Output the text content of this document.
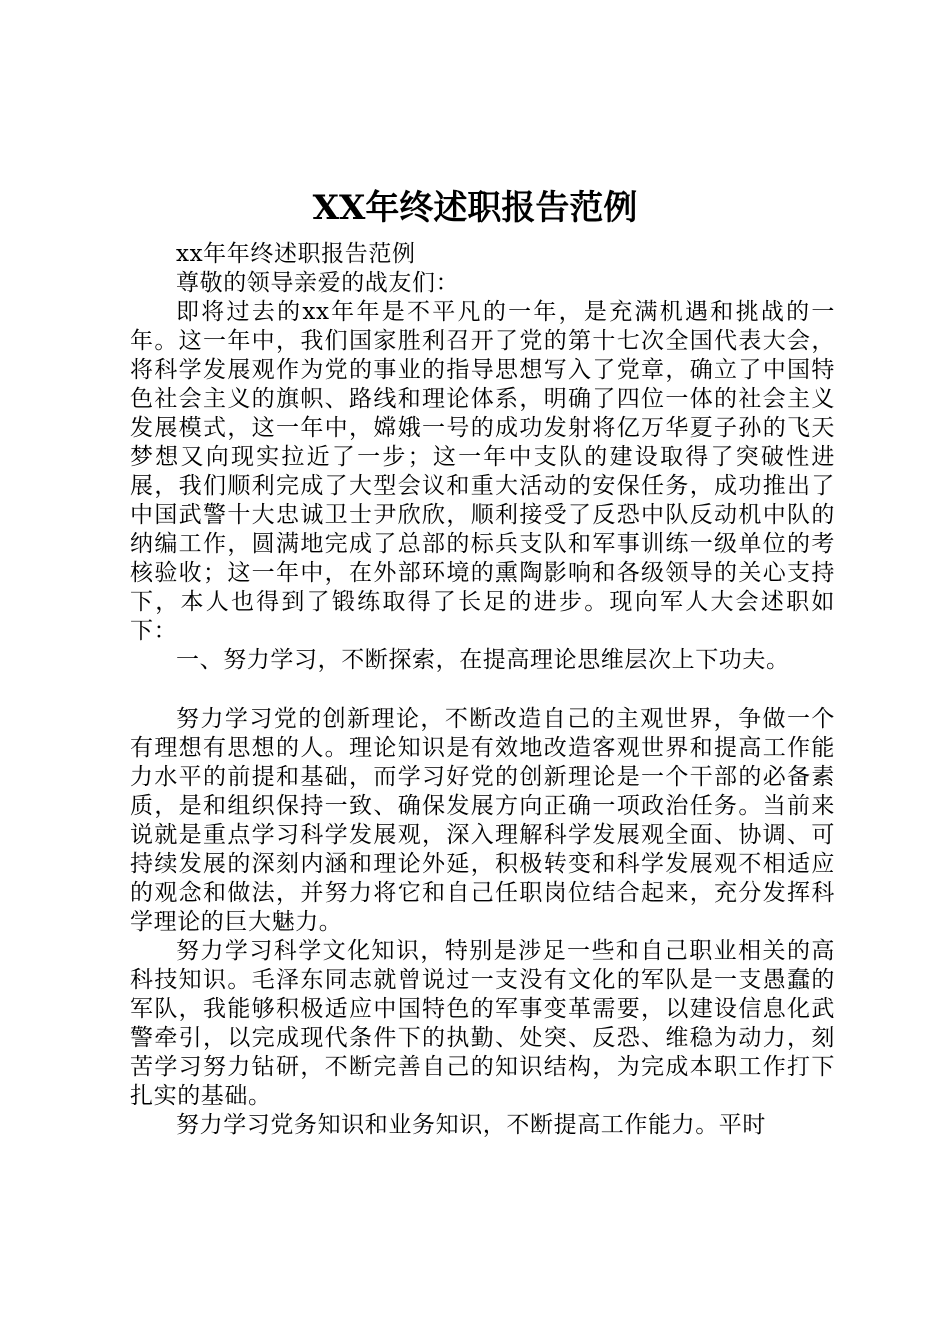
XX年终述职报告范例

xx年年终述职报告范例

尊敬的领导亲爱的战友们：

即将过去的xx年年是不平凡的一年，是充满机遇和挑战的一年。这一年中，我们国家胜利召开了党的第十七次全国代表大会，将科学发展观作为党的事业的指导思想写入了党章，确立了中国特色社会主义的旗帜、路线和理论体系，明确了四位一体的社会主义发展模式，这一年中，嫦娥一号的成功发射将亿万华夏子孙的飞天梦想又向现实拉近了一步；这一年中支队的建设取得了突破性进展，我们顺利完成了大型会议和重大活动的安保任务，成功推出了中国武警十大忠诚卫士尹欣欣，顺利接受了反恐中队反动机中队的纳编工作，圆满地完成了总部的标兵支队和军事训练一级单位的考核验收；这一年中，在外部环境的熏陶影响和各级领导的关心支持下，本人也得到了锻练取得了长足的进步。现向军人大会述职如下：

一、努力学习，不断探索，在提高理论思维层次上下功夫。

努力学习党的创新理论，不断改造自己的主观世界，争做一个有理想有思想的人。理论知识是有效地改造客观世界和提高工作能力水平的前提和基础，而学习好党的创新理论是一个干部的必备素质，是和组织保持一致、确保发展方向正确一项政治任务。当前来说就是重点学习科学发展观，深入理解科学发展观全面、协调、可持续发展的深刻内涵和理论外延，积极转变和科学发展观不相适应的观念和做法，并努力将它和自己任职岗位结合起来，充分发挥科学理论的巨大魅力。

努力学习科学文化知识，特别是涉足一些和自己职业相关的高科技知识。毛泽东同志就曾说过一支没有文化的军队是一支愚蠢的军队，我能够积极适应中国特色的军事变革需要，以建设信息化武警牵引，以完成现代条件下的执勤、处突、反恐、维稳为动力，刻苦学习努力钻研，不断完善自己的知识结构，为完成本职工作打下扎实的基础。

努力学习党务知识和业务知识，不断提高工作能力。平时
